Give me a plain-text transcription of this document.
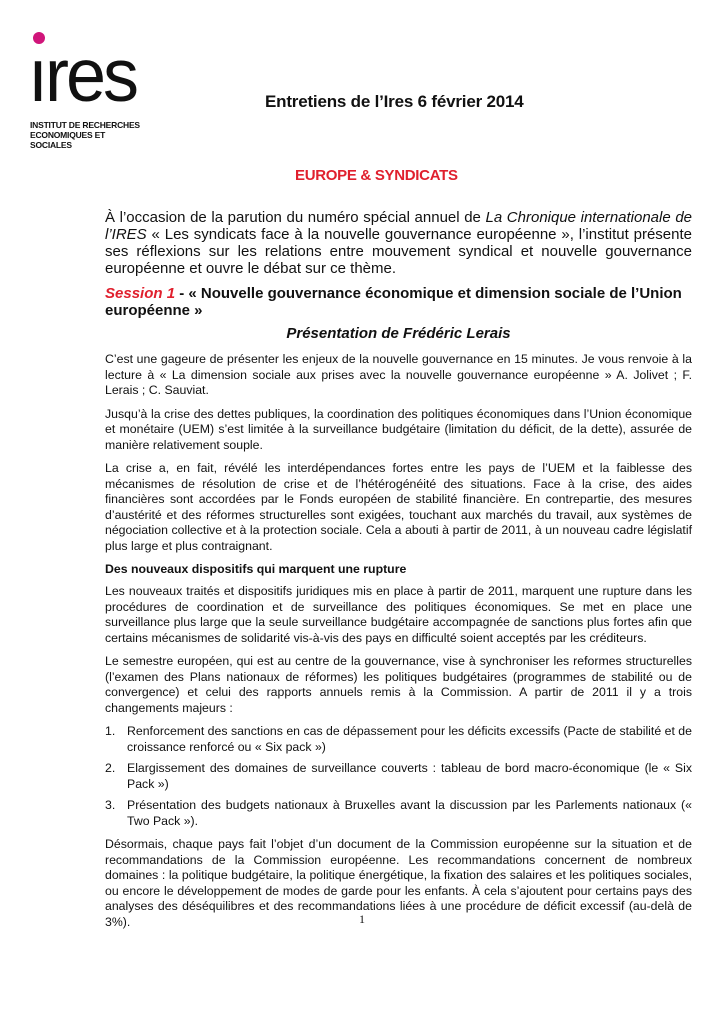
ıres
INSTITUT DE RECHERCHES
ECONOMIQUES ET SOCIALES
Entretiens de l’Ires 6 février 2014
EUROPE & SYNDICATS

À l’occasion de la parution du numéro spécial annuel de La Chronique internationale de l’IRES « Les syndicats face à la nouvelle gouvernance européenne », l’institut présente ses réflexions sur les relations entre mouvement syndical et nouvelle gouvernance européenne et ouvre le débat sur ce thème.

Session 1 - « Nouvelle gouvernance économique et dimension sociale de l’Union européenne »
Présentation de Frédéric Lerais

C’est une gageure de présenter les enjeux de la nouvelle gouvernance en 15 minutes. Je vous renvoie à la lecture à « La dimension sociale aux prises avec la nouvelle gouvernance européenne » A. Jolivet ; F. Lerais ; C. Sauviat.

Jusqu’à la crise des dettes publiques, la coordination des politiques économiques dans l’Union économique et monétaire (UEM) s’est limitée à la surveillance budgétaire (limitation du déficit, de la dette), assurée de manière relativement souple.

La crise a, en fait, révélé les interdépendances fortes entre les pays de l’UEM et la faiblesse des mécanismes de résolution de crise et de l’hétérogénéité des situations. Face à la crise, des aides financières sont accordées par le Fonds européen de stabilité financière. En contrepartie, des mesures d’austérité et des réformes structurelles sont exigées, touchant aux marchés du travail, aux systèmes de négociation collective et à la protection sociale. Cela a abouti à partir de 2011, à un nouveau cadre législatif plus large et plus contraignant.

Des nouveaux dispositifs qui marquent une rupture

Les nouveaux traités et dispositifs juridiques mis en place à partir de 2011, marquent une rupture dans les procédures de coordination et de surveillance des politiques économiques. Se met en place une surveillance plus large que la seule surveillance budgétaire accompagnée de sanctions plus fortes afin que certains mécanismes de solidarité vis-à-vis des pays en difficulté soient acceptés par les créditeurs.

Le semestre européen, qui est au centre de la gouvernance, vise à synchroniser les reformes structurelles (l’examen des Plans nationaux de réformes) les politiques budgétaires (programmes de stabilité ou de convergence) et celui des rapports annuels remis à la Commission. A partir de 2011 il y a trois changements majeurs :

1. Renforcement des sanctions en cas de dépassement pour les déficits excessifs (Pacte de stabilité et de croissance renforcé ou « Six pack »)
2. Elargissement des domaines de surveillance couverts : tableau de bord macro-économique (le « Six Pack »)
3. Présentation des budgets nationaux à Bruxelles avant la discussion par les Parlements nationaux (« Two Pack »).

Désormais, chaque pays fait l’objet d’un document de la Commission européenne sur la situation et de recommandations de la Commission européenne. Les recommandations concernent de nombreux domaines : la politique budgétaire, la politique énergétique, la fixation des salaires et les politiques sociales, ou encore le développement de modes de garde pour les enfants. À cela s’ajoutent pour certains pays des analyses des déséquilibres et des recommandations liées à une procédure de déficit excessif (au-delà de 3%).	1
